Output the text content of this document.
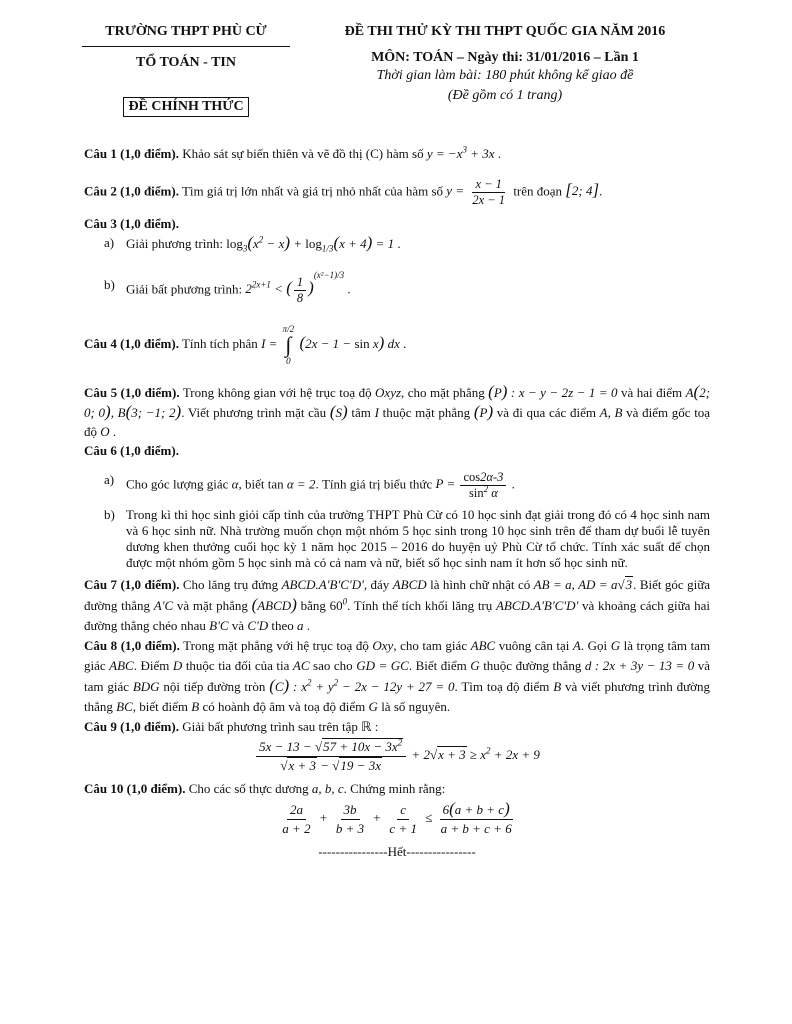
TRƯỜNG THPT PHÙ CỪ
TỔ TOÁN - TIN
ĐỀ CHÍNH THỨC
ĐỀ THI THỬ KỲ THI THPT QUỐC GIA NĂM 2016
MÔN: TOÁN – Ngày thi: 31/01/2016 – Lần 1
Thời gian làm bài: 180 phút không kể giao đề
(Đề gồm có 1 trang)

Câu 1 (1,0 điểm). Khảo sát sự biến thiên và vẽ đồ thị (C) hàm số $y = -x^3 + 3x$ .

Câu 2 (1,0 điểm). Tìm giá trị lớn nhất và giá trị nhỏ nhất của hàm số $y = \frac{x - 1}{2x - 1}$ trên đoạn [2; 4].

Câu 3 (1,0 điểm).

a) Giải phương trình: $\log_3(x^2 - x) + \log_{1/3}(x + 4) = 1$ .
b) Giải bất phương trình: $2^{2x+1}$ < ( $\frac{1}{8} )^{(x^2-1)/3}$ .

Câu 4 (1,0 điểm). Tính tích phân I =
π/2
∫
0
(2x − 1 − sin x) dx .

Câu 5 (1,0 điểm). Trong không gian với hệ trục toạ độ Oxyz, cho mặt phẳng (P) : x − y − 2z − 1 = 0 và hai điểm A(2; 0; 0), B(3; −1; 2). Viết phương trình mặt cầu (S) tâm I thuộc mặt phẳng (P) và đi qua các điểm A, B và điểm gốc toạ độ O .

Câu 6 (1,0 điểm).

a) Cho góc lượng giác α, biết tan α = 2. Tính giá trị biểu thức $P = \frac{\cos 2\alpha-3}{\sin^2 \alpha}$ .
b) Trong kì thi học sinh giỏi cấp tỉnh của trường THPT Phù Cừ có 10 học sinh đạt giải trong đó có 4 học sinh nam và 6 học sinh nữ. Nhà trường muốn chọn một nhóm 5 học sinh trong 10 học sinh trên để tham dự buổi lễ tuyên dương khen thưởng cuối học kỳ 1 năm học 2015 – 2016 do huyện uỷ Phù Cừ tổ chức. Tính xác suất để chọn được một nhóm gồm 5 học sinh mà có cả nam và nữ, biết số học sinh nam ít hơn số học sinh nữ.

Câu 7 (1,0 điểm). Cho lăng trụ đứng ABCD.A'B'C'D', đáy ABCD là hình chữ nhật có AB = a, AD = a√3. Biết góc giữa đường thẳng A'C và mặt phẳng (ABCD) bằng $60^0$. Tính thể tích khối lăng trụ ABCD.A'B'C'D' và khoảng cách giữa hai đường thẳng chéo nhau B'C và C'D theo a .

Câu 8 (1,0 điểm). Trong mặt phẳng với hệ trục toạ độ Oxy, cho tam giác ABC vuông cân tại A. Gọi G là trọng tâm tam giác ABC. Điểm D thuộc tia đối của tia AC sao cho GD = GC. Biết điểm G thuộc đường thẳng d : 2x + 3y − 13 = 0 và tam giác BDG nội tiếp đường tròn (C) : $x^2 + y^2 - 2x - 12y + 27 = 0$. Tìm toạ độ điểm B và viết phương trình đường thẳng BC, biết điểm B có hoành độ âm và toạ độ điểm G là số nguyên.

Câu 9 (1,0 điểm). Giải bất phương trình sau trên tập ℝ :

$\frac{5x - 13 - √57 + 10x - 3x^2}{√x + 3 - √19 - 3x} + 2√x + 3 \ge x^2 + 2x + 9$

Câu 10 (1,0 điểm). Cho các số thực dương a, b, c. Chứng minh rằng:

$\frac{2a}{a + 2} + \frac{3b}{b + 3} + \frac{c}{c + 1} \le \frac{6(a + b + c)}{a + b + c + 6}$
----------------Hết----------------
